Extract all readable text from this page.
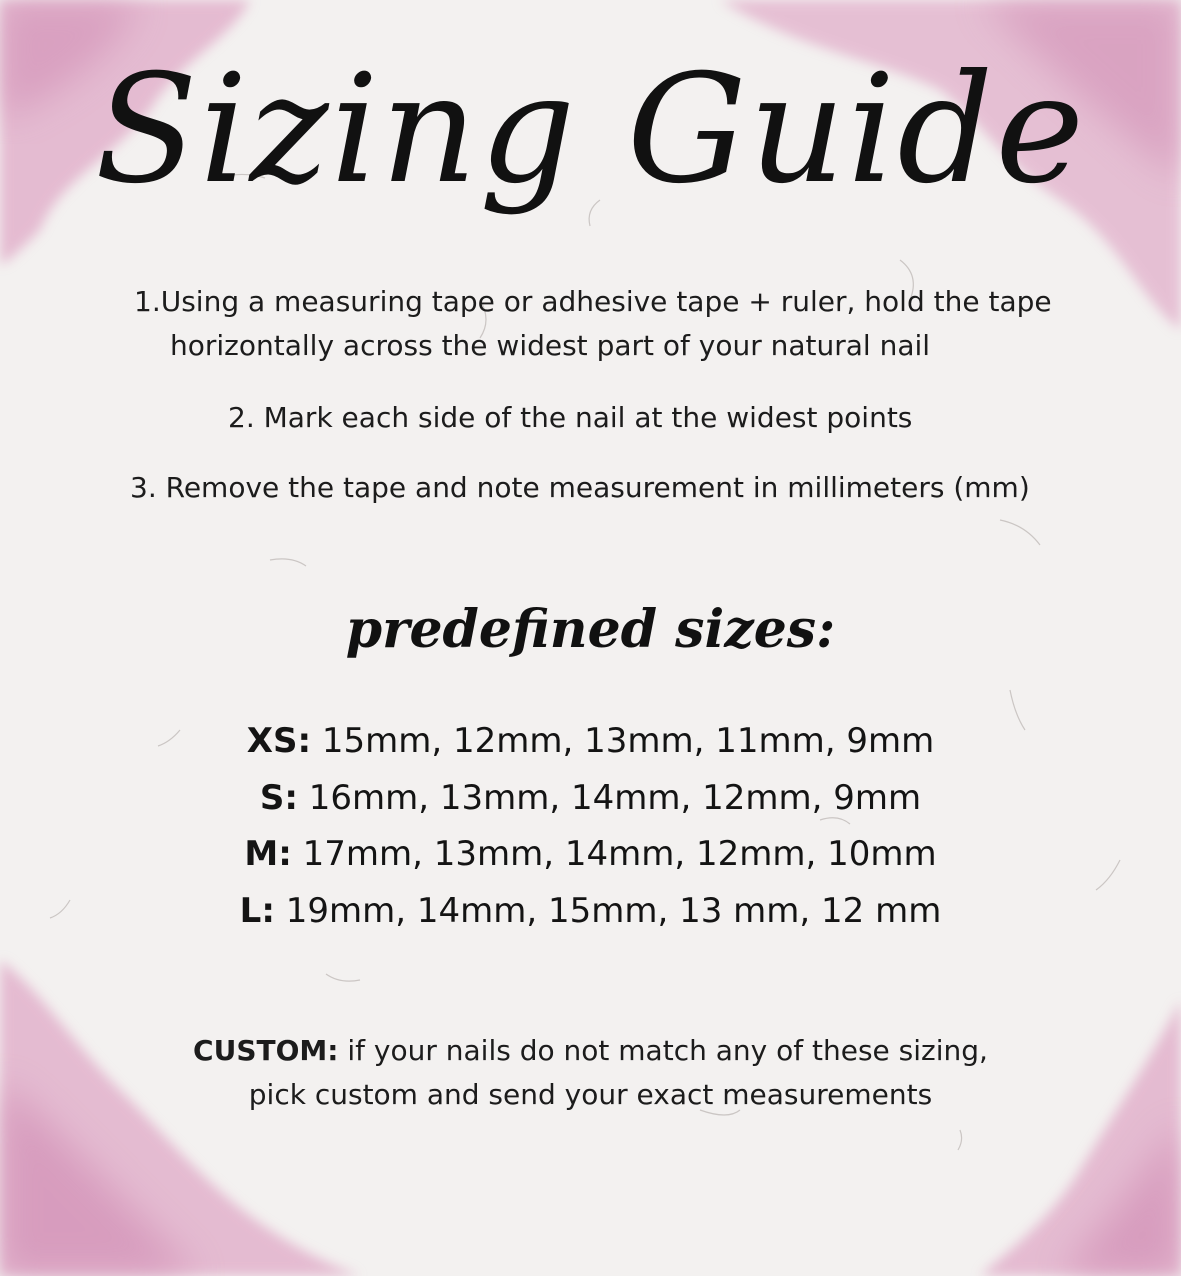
Sizing Guide
1.Using a measuring tape or adhesive tape + ruler, hold the tape
horizontally across the widest part of your natural nail
2. Mark each side of the nail at the widest points
3. Remove the tape and note measurement in millimeters (mm)
predefined sizes:
XS: 15mm, 12mm, 13mm, 11mm, 9mm
S: 16mm, 13mm, 14mm, 12mm, 9mm
M: 17mm, 13mm, 14mm, 12mm, 10mm
L: 19mm, 14mm, 15mm, 13 mm, 12 mm
CUSTOM: if your nails do not match any of these sizing,
pick custom and send your exact measurements
